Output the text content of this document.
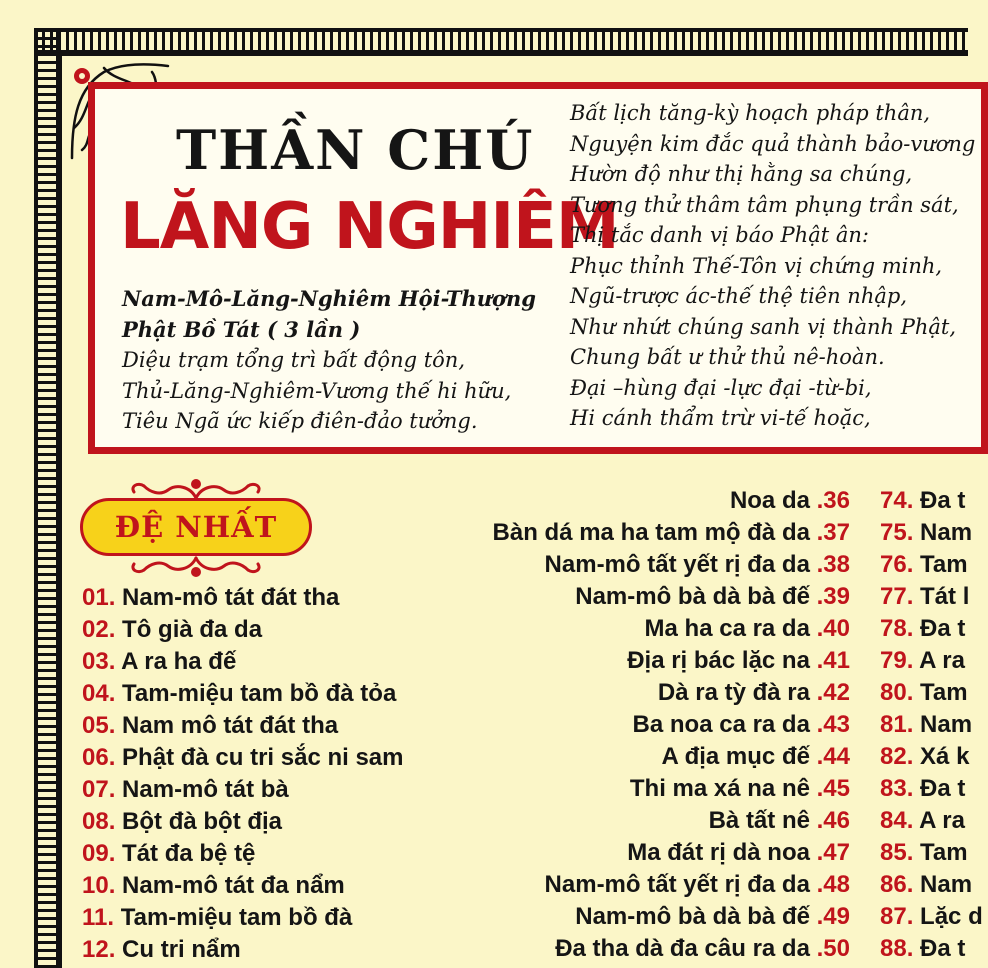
THẦN CHÚ
LĂNG NGHIÊM
Nam-Mô-Lăng-Nghiêm Hội-Thượng
Phật Bồ Tát ( 3 lần )
Diệu trạm tổng trì bất động tôn,
Thủ-Lăng-Nghiêm-Vương thế hi hữu,
Tiêu Ngã ức kiếp điên-đảo tưởng.
Bất lịch tăng-kỳ hoạch pháp thân,
Nguyện kim đắc quả thành bảo-vương
Hườn độ như thị hằng sa chúng,
Tương thử thâm tâm phụng trần sát,
Thị tắc danh vị báo Phật ân:
Phục thỉnh Thế-Tôn vị chứng minh,
Ngũ-trược ác-thế thệ tiên nhập,
Như nhứt chúng sanh vị thành Phật,
Chung bất ư thử thủ nê-hoàn.
Đại –hùng đại -lực đại -từ-bi,
Hi cánh thẩm trừ vi-tế hoặc,
ĐỆ NHẤT
01. Nam-mô tát đát tha
02. Tô già đa da
03. A ra ha đế
04. Tam-miệu tam bồ đà tỏa
05. Nam mô tát đát tha
06. Phật đà cu tri sắc ni sam
07. Nam-mô tát bà
08. Bột đà bột địa
09. Tát đa bệ tệ
10. Nam-mô tát đa nẩm
11. Tam-miệu tam bồ đà
12. Cu tri nẩm
Noa da .36
Bàn dá ma ha tam mộ đà da .37
Nam-mô tất yết rị đa da .38
Nam-mô bà dà bà đế .39
Ma ha ca ra da .40
Địa rị bác lặc na .41
Dà ra tỳ đà ra .42
Ba noa ca ra da .43
A địa mục đế .44
Thi ma xá na nê .45
Bà tất nê .46
Ma đát rị dà noa .47
Nam-mô tất yết rị đa da .48
Nam-mô bà dà bà đế .49
Đa tha dà đa câu ra da .50
74. Đa t
75. Nam
76. Tam
77. Tát l
78. Đa t
79. A ra
80. Tam
81. Nam
82. Xá k
83. Đa t
84. A ra
85. Tam
86. Nam
87. Lặc d
88. Đa t
